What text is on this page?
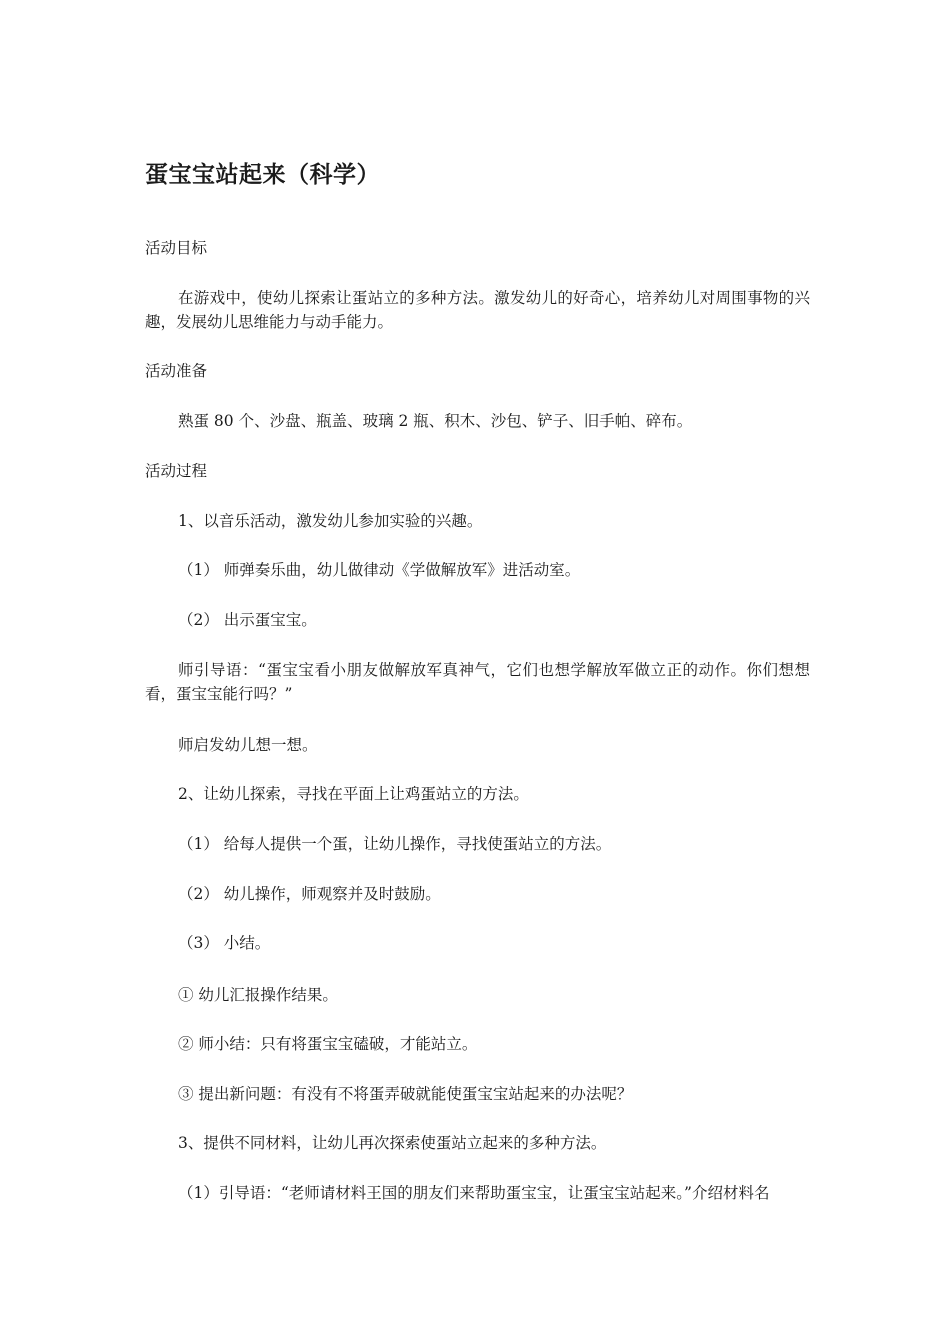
蛋宝宝站起来（科学）
活动目标
在游戏中，使幼儿探索让蛋站立的多种方法。激发幼儿的好奇心，培养幼儿对周围事物的兴趣，发展幼儿思维能力与动手能力。
活动准备
熟蛋 80 个、沙盘、瓶盖、玻璃 2 瓶、积木、沙包、铲子、旧手帕、碎布。
活动过程
1、以音乐活动，激发幼儿参加实验的兴趣。
（1） 师弹奏乐曲，幼儿做律动《学做解放军》进活动室。
（2） 出示蛋宝宝。
师引导语：“蛋宝宝看小朋友做解放军真神气，它们也想学解放军做立正的动作。你们想想看，蛋宝宝能行吗？”
师启发幼儿想一想。
2、让幼儿探索，寻找在平面上让鸡蛋站立的方法。
（1） 给每人提供一个蛋，让幼儿操作，寻找使蛋站立的方法。
（2） 幼儿操作，师观察并及时鼓励。
（3） 小结。
① 幼儿汇报操作结果。
② 师小结：只有将蛋宝宝磕破，才能站立。
③ 提出新问题：有没有不将蛋弄破就能使蛋宝宝站起来的办法呢？
3、提供不同材料，让幼儿再次探索使蛋站立起来的多种方法。
（1）引导语：“老师请材料王国的朋友们来帮助蛋宝宝，让蛋宝宝站起来。”介绍材料名
